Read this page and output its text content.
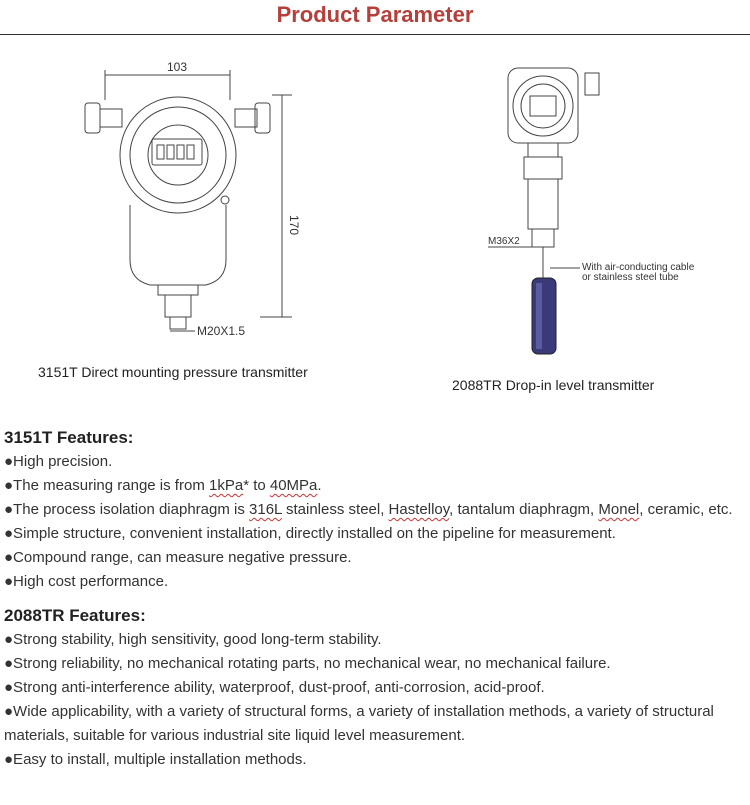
Product Parameter
103
170
M20X1.5
3151T Direct mounting pressure transmitter
M36X2
With air-conducting cable
or stainless steel tube
2088TR Drop-in level transmitter
3151T Features:

●High precision.

●The measuring range is from 1kPa* to 40MPa.

●The process isolation diaphragm is 316L stainless steel, Hastelloy, tantalum diaphragm, Monel, ceramic, etc.

●Simple structure, convenient installation, directly installed on the pipeline for measurement.

●Compound range, can measure negative pressure.

●High cost performance.

2088TR Features:

●Strong stability, high sensitivity, good long-term stability.

●Strong reliability, no mechanical rotating parts, no mechanical wear, no mechanical failure.

●Strong anti-interference ability, waterproof, dust-proof, anti-corrosion, acid-proof.

●Wide applicability, with a variety of structural forms, a variety of installation methods, a variety of structural materials, suitable for various industrial site liquid level measurement.

●Easy to install, multiple installation methods.
